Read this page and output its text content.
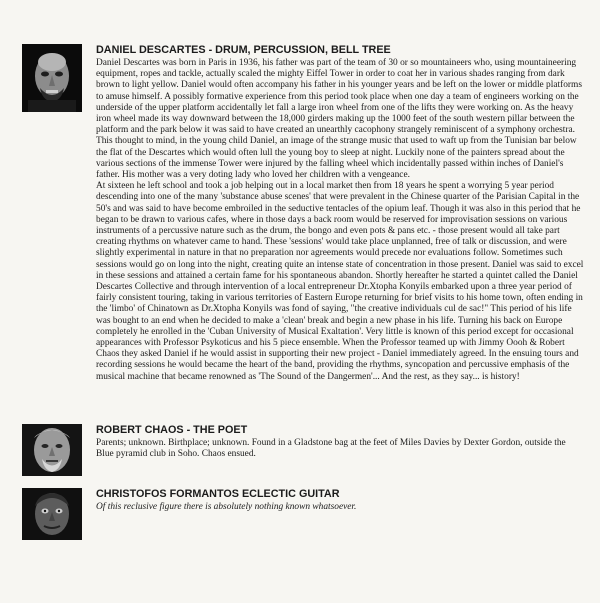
DANIEL DESCARTES - DRUM, PERCUSSION, BELL TREE

Daniel Descartes was born in Paris in 1936, his father was part of the team of 30 or so mountaineers who, using mountaineering equipment, ropes and tackle, actually scaled the mighty Eiffel Tower in order to coat her in various shades ranging from dark brown to light yellow. Daniel would often accompany his father in his younger years and be left on the lower or middle platforms to amuse himself. A possibly formative experience from this period took place when one day a team of engineers working on the underside of the upper platform accidentally let fall a large iron wheel from one of the lifts they were working on. As the heavy iron wheel made its way downward between the 18,000 girders making up the 1000 feet of the south western pillar between the platform and the park below it was said to have created an unearthly cacophony strangely reminiscent of a symphony orchestra. This thought to mind, in the young child Daniel, an image of the strange music that used to waft up from the Tunisian bar below the flat of the Descartes which would often lull the young boy to sleep at night. Luckily none of the painters spread about the various sections of the immense Tower were injured by the falling wheel which incidentally passed within inches of Daniel's father. His mother was a very doting lady who loved her children with a vengeance.
At sixteen he left school and took a job helping out in a local market then from 18 years he spent a worrying 5 year period descending into one of the many 'substance abuse scenes' that were prevalent in the Chinese quarter of the Parisian Capital in the 50's and was said to have become embroiled in the seductive tentacles of the opium leaf. Though it was also in this period that he began to be drawn to various cafes, where in those days a back room would be reserved for improvisation sessions on various instruments of a percussive nature such as the drum, the bongo and even pots & pans etc. - those present would all take part creating rhythms on whatever came to hand. These 'sessions' would take place unplanned, free of talk or discussion, and were slightly experimental in nature in that no preparation nor agreements would precede nor evaluations follow. Sometimes such sessions would go on long into the night, creating quite an intense state of concentration in those present. Daniel was said to excel in these sessions and attained a certain fame for his spontaneous abandon. Shortly hereafter he started a quintet called the Daniel Descartes Collective and through intervention of a local entrepreneur Dr.Xtopha Konyils embarked upon a three year period of fairly consistent touring, taking in various territories of Eastern Europe returning for brief visits to his home town, often ending in the 'limbo' of Chinatown as Dr.Xtopha Konyils was fond of saying, "the creative individuals cul de sac!" This period of his life was bought to an end when he decided to make a 'clean' break and begin a new phase in his life. Turning his back on Europe completely he enrolled in the 'Cuban University of Musical Exaltation'. Very little is known of this period except for occasional appearances with Professor Psykoticus and his 5 piece ensemble. When the Professor teamed up with Jimmy Oooh & Robert Chaos they asked Daniel if he would assist in supporting their new project - Daniel immediately agreed. In the ensuing tours and recording sessions he would became the heart of the band, providing the rhythms, syncopation and percussive emphasis of the musical machine that became renowned as 'The Sound of the Dangermen'... And the rest, as they say... is history!

ROBERT CHAOS - THE POET

Parents; unknown. Birthplace; unknown. Found in a Gladstone bag at the feet of Miles Davies by Dexter Gordon, outside the Blue pyramid club in Soho. Chaos ensued.

CHRISTOFOS FORMANTOS ECLECTIC GUITAR

Of this reclusive figure there is absolutely nothing known whatsoever.
